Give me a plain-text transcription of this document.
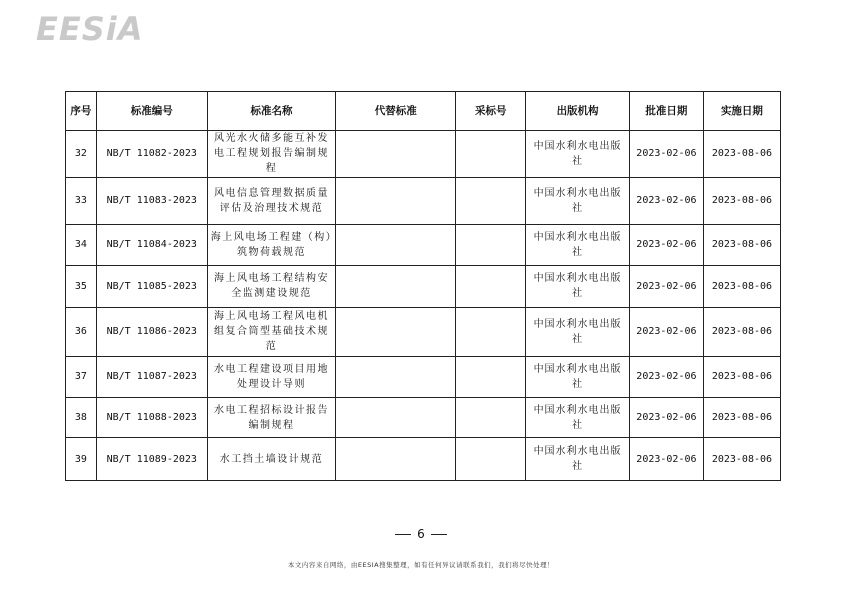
EESiA
序号	标准编号	标准名称	代替标准	采标号	出版机构	批准日期	实施日期
32	NB/T 11082-2023	风光水火储多能互补发电工程规划报告编制规程			中国水利水电出版社	2023-02-06	2023-08-06
33	NB/T 11083-2023	风电信息管理数据质量评估及治理技术规范			中国水利水电出版社	2023-02-06	2023-08-06
34	NB/T 11084-2023	海上风电场工程建（构）筑物荷载规范			中国水利水电出版社	2023-02-06	2023-08-06
35	NB/T 11085-2023	海上风电场工程结构安全监测建设规范			中国水利水电出版社	2023-02-06	2023-08-06
36	NB/T 11086-2023	海上风电场工程风电机组复合筒型基础技术规范			中国水利水电出版社	2023-02-06	2023-08-06
37	NB/T 11087-2023	水电工程建设项目用地处理设计导则			中国水利水电出版社	2023-02-06	2023-08-06
38	NB/T 11088-2023	水电工程招标设计报告编制规程			中国水利水电出版社	2023-02-06	2023-08-06
39	NB/T 11089-2023	水工挡土墙设计规范			中国水利水电出版社	2023-02-06	2023-08-06
6
本文内容来自网络，由EESIA搜集整理，如有任何异议请联系我们，我们将尽快处理！
